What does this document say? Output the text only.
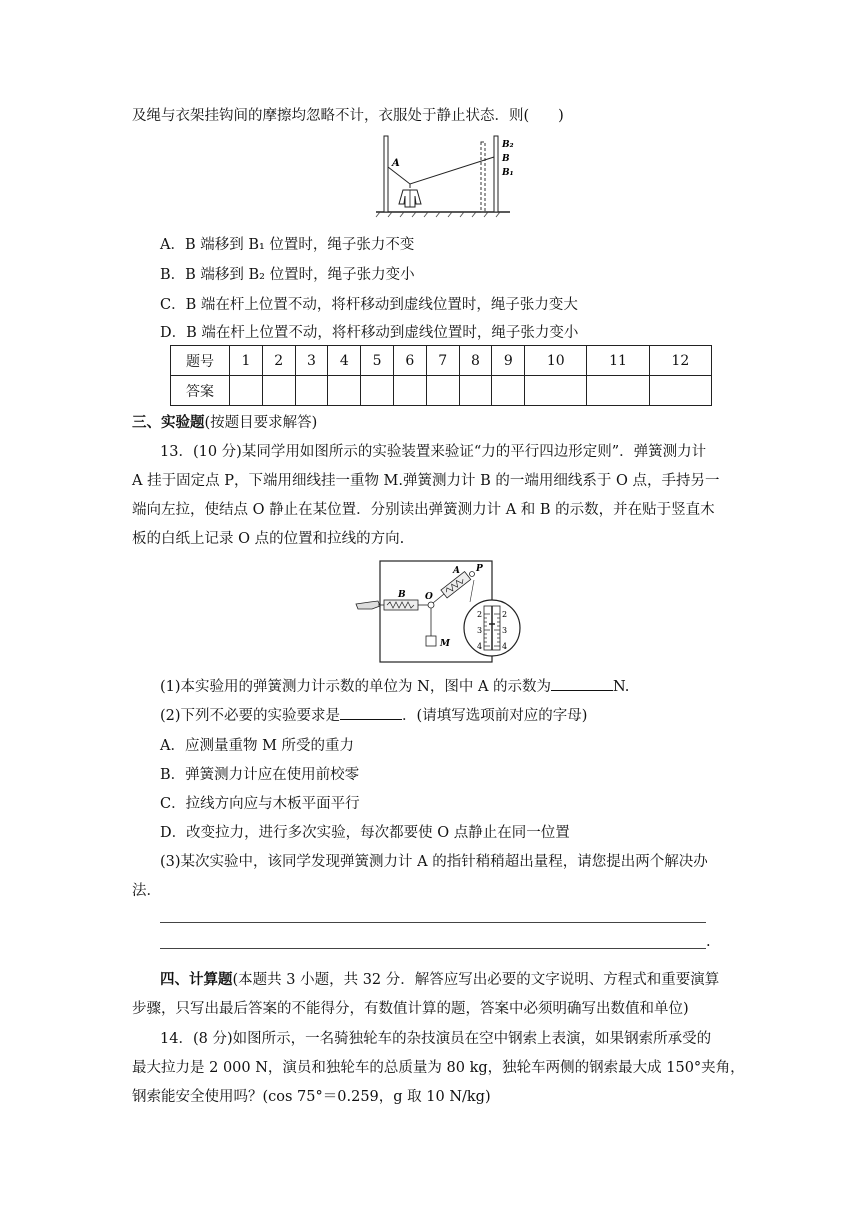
及绳与衣架挂钩间的摩擦均忽略不计，衣服处于静止状态．则(　　)
A
B₂
B
B₁
A．B 端移到 B₁ 位置时，绳子张力不变
B．B 端移到 B₂ 位置时，绳子张力变小
C．B 端在杆上位置不动，将杆移动到虚线位置时，绳子张力变大
D．B 端在杆上位置不动，将杆移动到虚线位置时，绳子张力变小
题号	1	2	3	4	5	6	7	8	9	10	11	12
答案												
三、实验题(按题目要求解答)
13．(10 分)某同学用如图所示的实验装置来验证“力的平行四边形定则”．弹簧测力计
A 挂于固定点 P，下端用细线挂一重物 M.弹簧测力计 B 的一端用细线系于 O 点，手持另一
端向左拉，使结点 O 静止在某位置．分别读出弹簧测力计 A 和 B 的示数，并在贴于竖直木
板的白纸上记录 O 点的位置和拉线的方向.
A P
B O
M
2 2
3 3
4 4
(1)本实验用的弹簧测力计示数的单位为 N，图中 A 的示数为	N.
(2)下列不必要的实验要求是	．(请填写选项前对应的字母)
A．应测量重物 M 所受的重力
B．弹簧测力计应在使用前校零
C．拉线方向应与木板平面平行
D．改变拉力，进行多次实验，每次都要使 O 点静止在同一位置
(3)某次实验中，该同学发现弹簧测力计 A 的指针稍稍超出量程，请您提出两个解决办
法．
.
四、计算题(本题共 3 小题，共 32 分．解答应写出必要的文字说明、方程式和重要演算
步骤，只写出最后答案的不能得分，有数值计算的题，答案中必须明确写出数值和单位)
14．(8 分)如图所示，一名骑独轮车的杂技演员在空中钢索上表演，如果钢索所承受的
最大拉力是 2 000 N，演员和独轮车的总质量为 80 kg，独轮车两侧的钢索最大成 150°夹角，
钢索能安全使用吗？(cos 75°＝0.259，g 取 10 N/kg)
